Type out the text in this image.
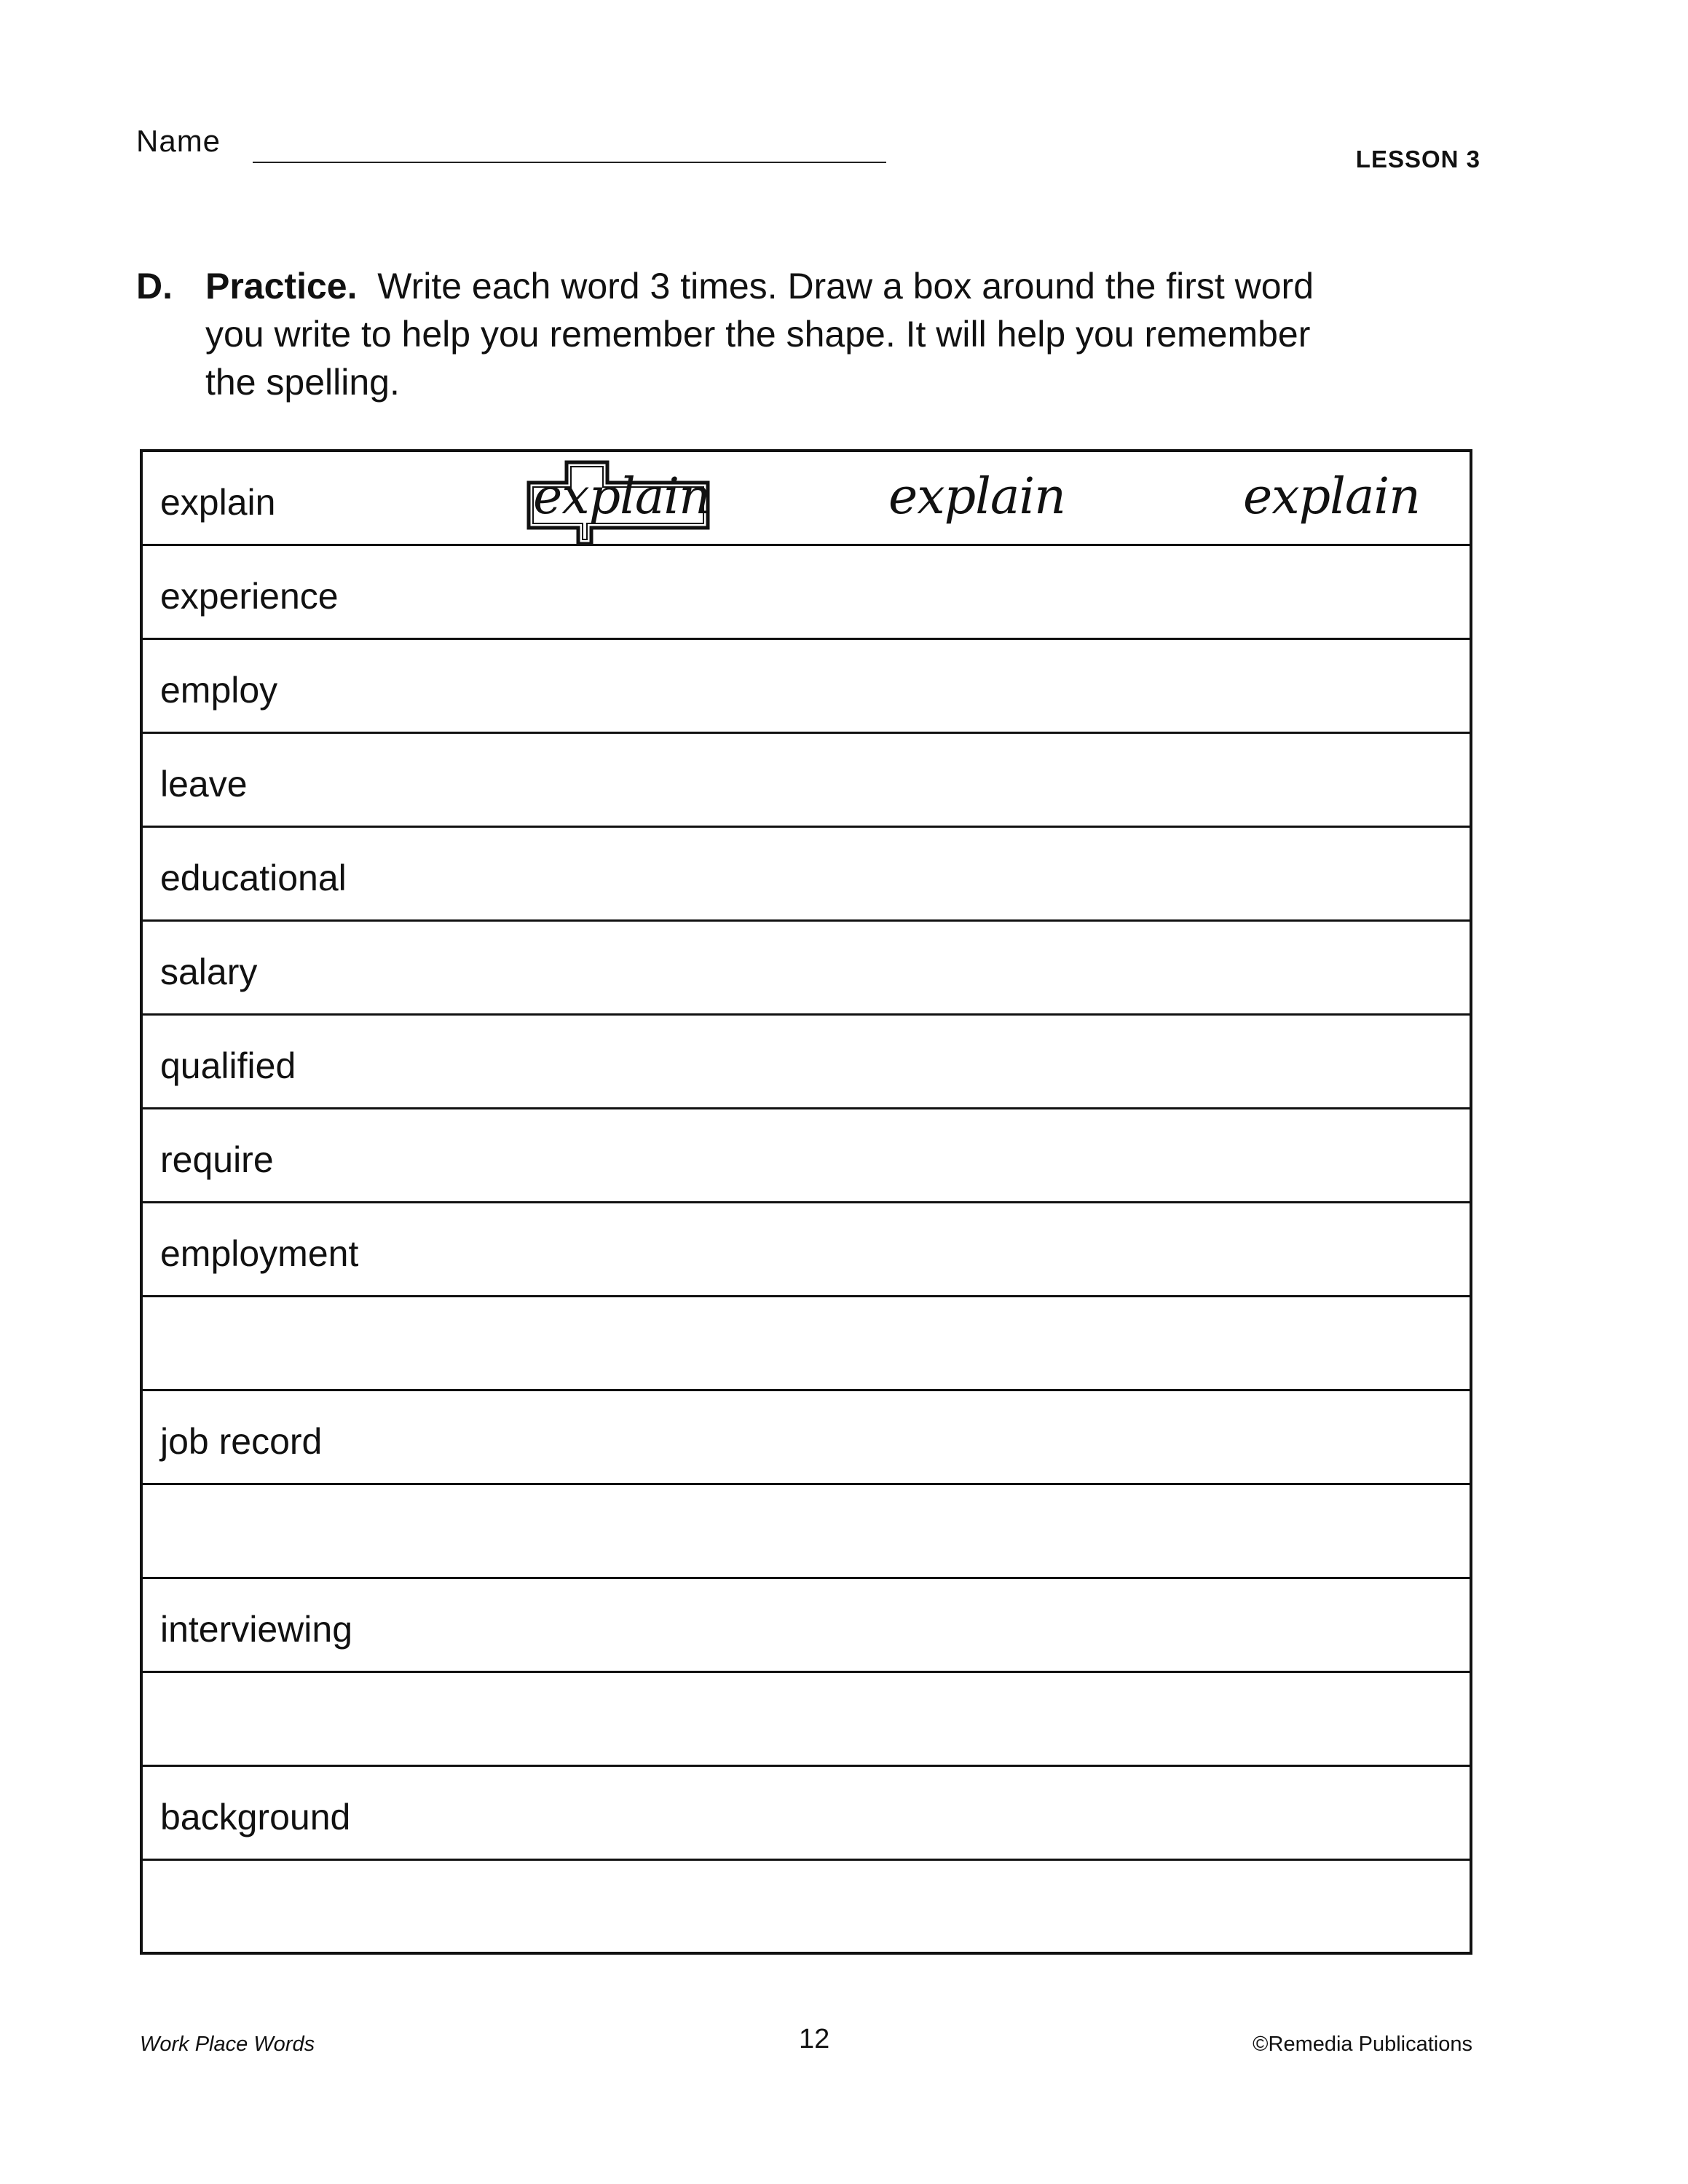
Name
LESSON 3
D. Practice. Write each word 3 times. Draw a box around the first word you write to help you remember the shape. It will help you remember the spelling.
explain	explain	explain	explain
experience
employ
leave
educational
salary
qualified
require
employment
job record
interviewing
background
Work Place Words	12	©Remedia Publications
